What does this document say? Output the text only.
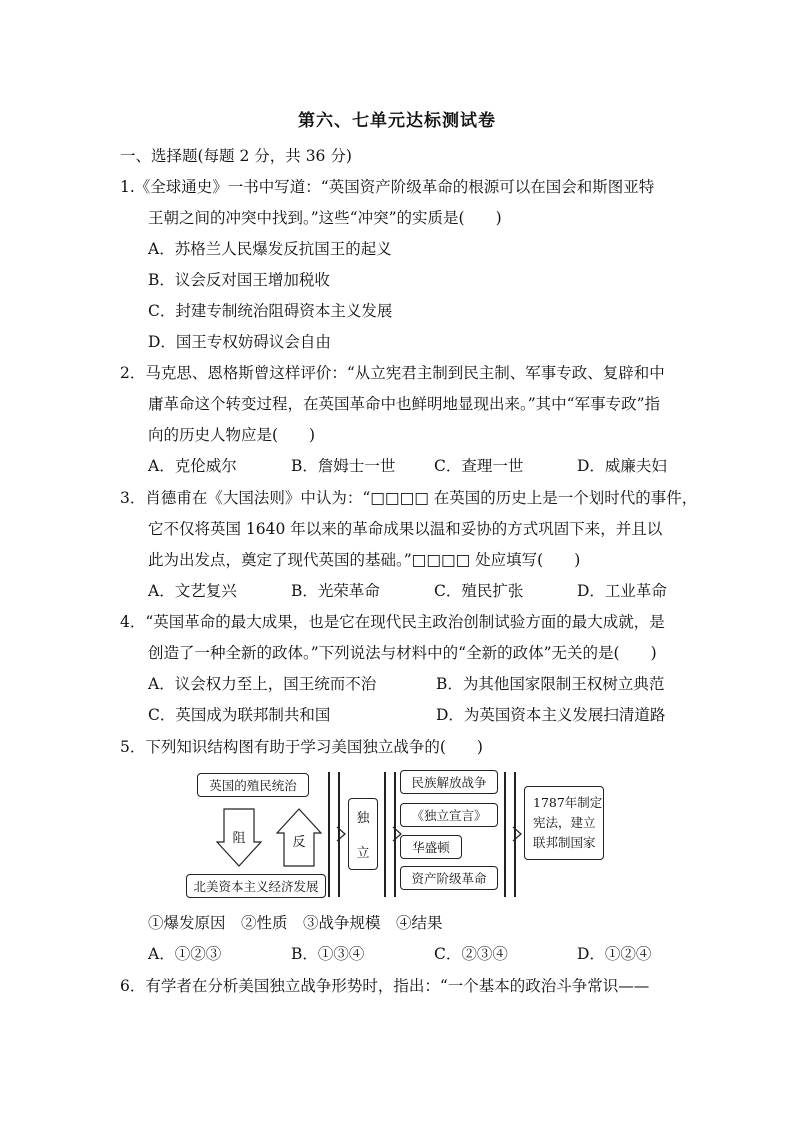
第六、七单元达标测试卷
一、选择题(每题 2 分，共 36 分)
1.《全球通史》一书中写道：“英国资产阶级革命的根源可以在国会和斯图亚特
王朝之间的冲突中找到。”这些“冲突”的实质是(　　)
A．苏格兰人民爆发反抗国王的起义
B．议会反对国王增加税收
C．封建专制统治阻碍资本主义发展
D．国王专权妨碍议会自由
2．马克思、恩格斯曾这样评价：“从立宪君主制到民主制、军事专政、复辟和中
庸革命这个转变过程，在英国革命中也鲜明地显现出来。”其中“军事专政”指
向的历史人物应是(　　)
A．克伦威尔	B．詹姆士一世	C．查理一世	D．威廉夫妇
3．肖德甫在《大国法则》中认为：“□□□□ 在英国的历史上是一个划时代的事件，
它不仅将英国 1640 年以来的革命成果以温和妥协的方式巩固下来，并且以
此为出发点，奠定了现代英国的基础。”□□□□ 处应填写(　　)
A．文艺复兴	B．光荣革命	C．殖民扩张	D．工业革命
4．“英国革命的最大成果，也是它在现代民主政治创制试验方面的最大成就，是
创造了一种全新的政体。”下列说法与材料中的“全新的政体”无关的是(　　)
A．议会权力至上，国王统而不治	B．为其他国家限制王权树立典范
C．英国成为联邦制共和国	D．为英国资本主义发展扫清道路
5．下列知识结构图有助于学习美国独立战争的(　　)
英国的殖民统治
阻	反
北美资本主义经济发展
独
立
民族解放战争
《独立宣言》
华盛顿
资产阶级革命
1787年制定
宪法，建立
联邦制国家
①爆发原因　②性质　③战争规模　④结果
A．①②③	B．①③④	C．②③④	D．①②④
6．有学者在分析美国独立战争形势时，指出：“一个基本的政治斗争常识——
